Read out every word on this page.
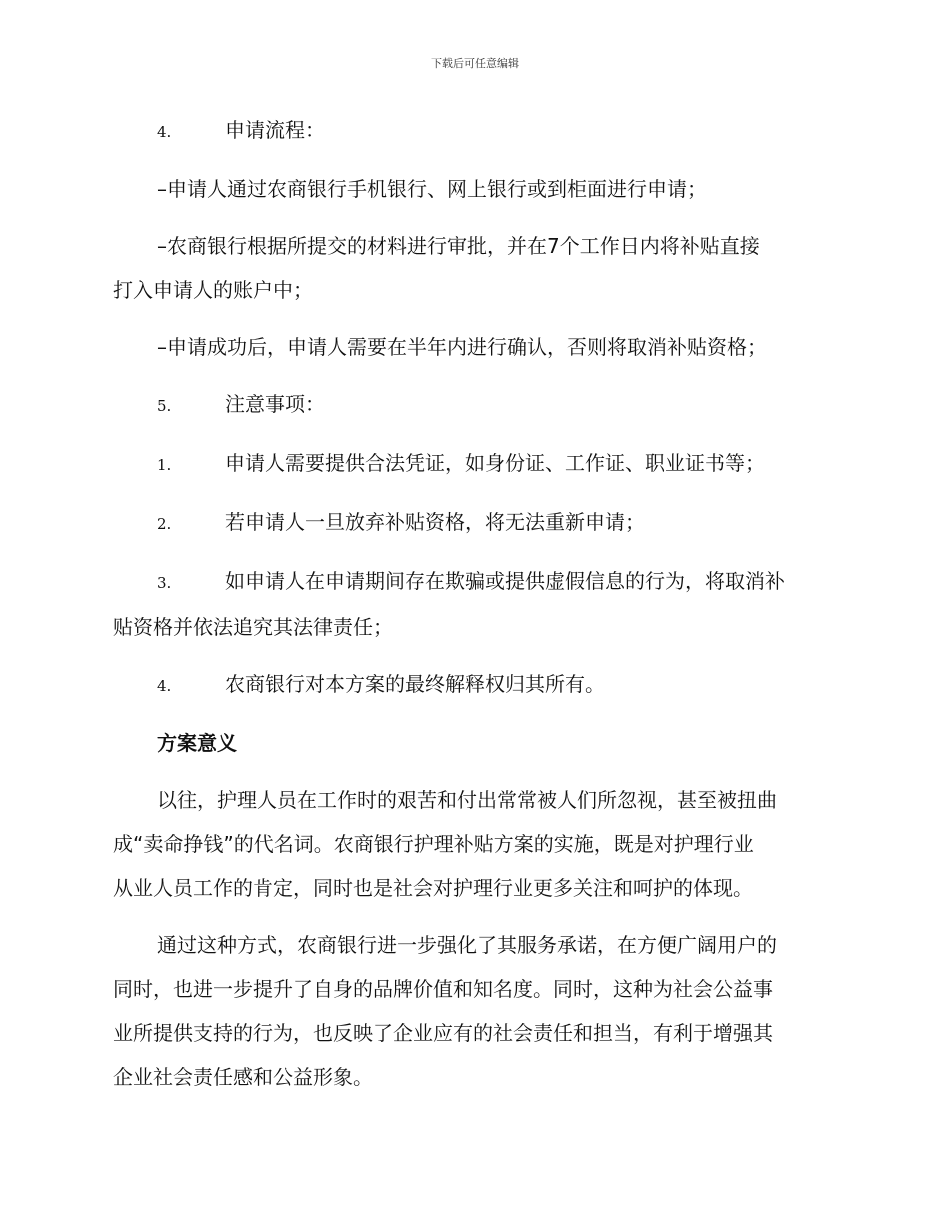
下载后可任意编辑
4.	申请流程：
–申请人通过农商银行手机银行、网上银行或到柜面进行申请；
–农商银行根据所提交的材料进行审批，并在7个工作日内将补贴直接
打入申请人的账户中；
–申请成功后，申请人需要在半年内进行确认，否则将取消补贴资格；
5.	注意事项：
1.	申请人需要提供合法凭证，如身份证、工作证、职业证书等；
2.	若申请人一旦放弃补贴资格，将无法重新申请；
3.	如申请人在申请期间存在欺骗或提供虚假信息的行为，将取消补
贴资格并依法追究其法律责任；
4.	农商银行对本方案的最终解释权归其所有。
方案意义
以往，护理人员在工作时的艰苦和付出常常被人们所忽视，甚至被扭曲
成“卖命挣钱”的代名词。农商银行护理补贴方案的实施，既是对护理行业
从业人员工作的肯定，同时也是社会对护理行业更多关注和呵护的体现。
通过这种方式，农商银行进一步强化了其服务承诺，在方便广阔用户的
同时，也进一步提升了自身的品牌价值和知名度。同时，这种为社会公益事
业所提供支持的行为，也反映了企业应有的社会责任和担当，有利于增强其
企业社会责任感和公益形象。
